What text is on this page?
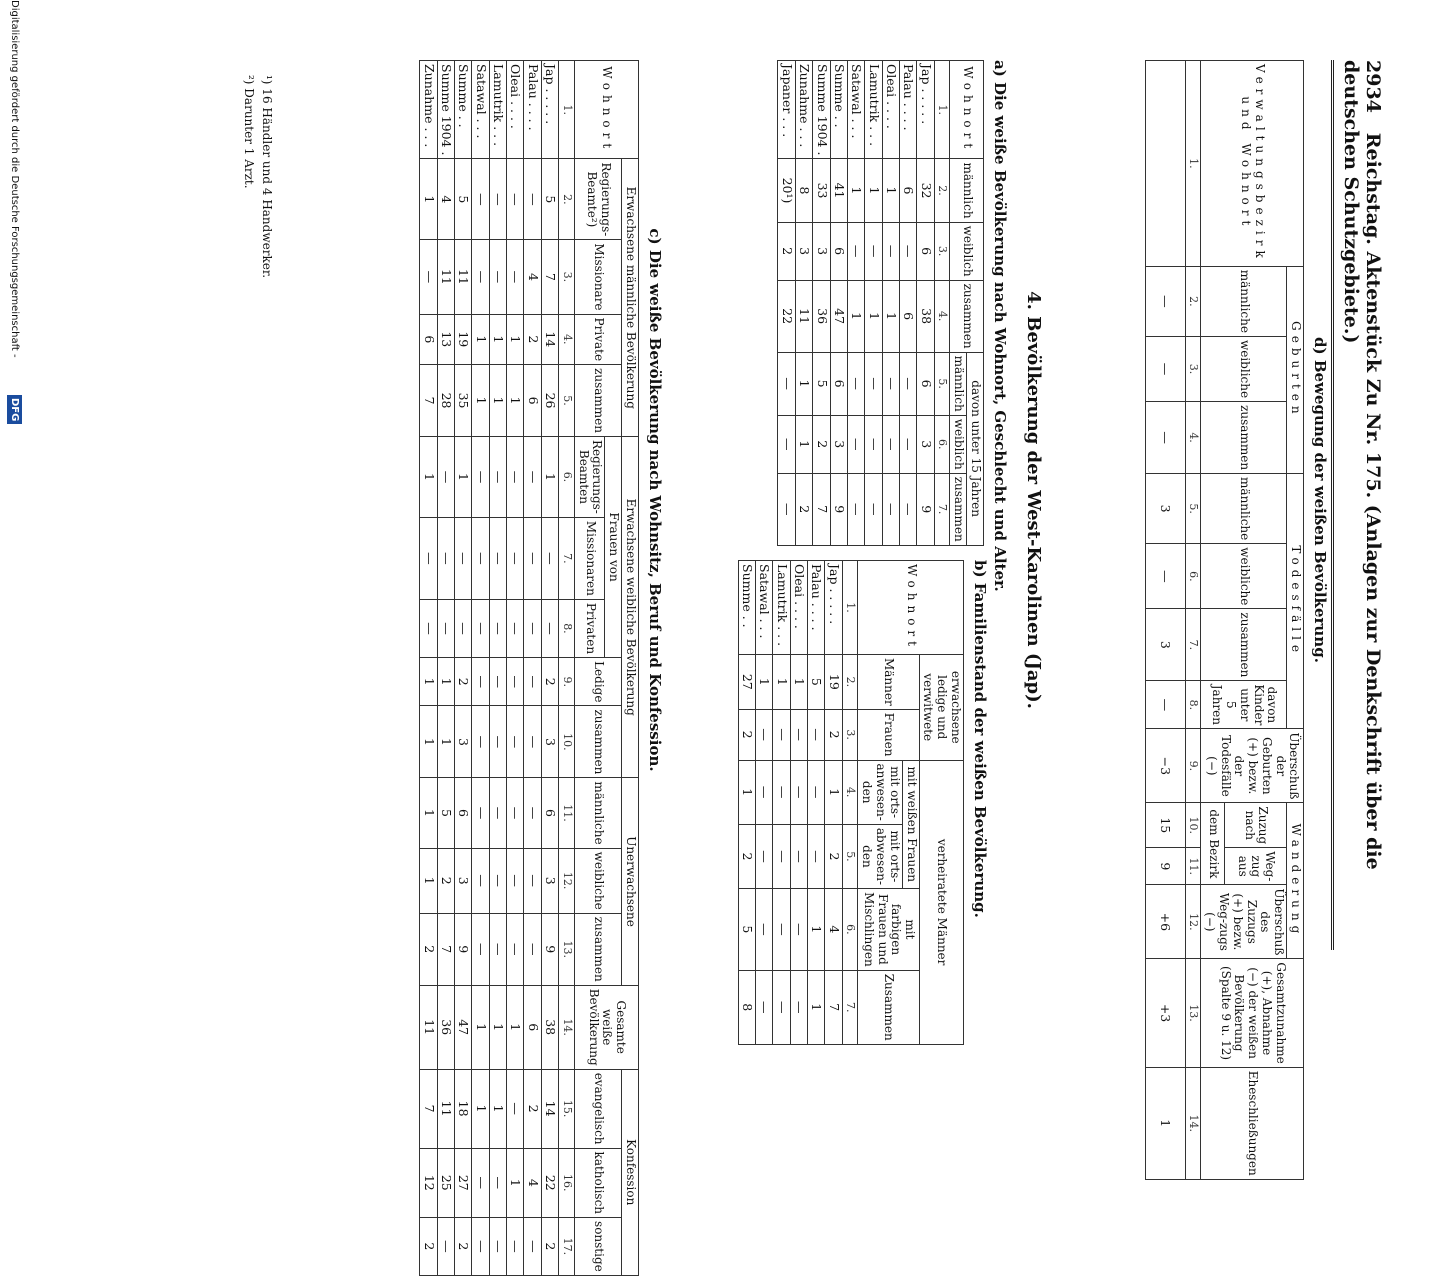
2934   Reichstag. Aktenstück Zu Nr. 175. (Anlagen zur Denkschrift über die deutschen Schutzgebiete.)
d) Bewegung der weißen Bevölkerung.
Verwaltungsbezirk und Wohnort	Geburten			Todesfälle				Überschuß der Geburten (+) bezw. der Todesfälle (−)	Wanderung			Gesamtzunahme (+), Abnahme (−) der weißen Bevölkerung (Spalte 9 u. 12)	Eheschließungen
	männliche	weibliche	zusammen	männliche	weibliche	zusammen	davon Kinder unter 5 Jahren		Zuzug nach	Weg-zug aus	Überschuß des Zuzugs (+) bezw. Weg-zugs (−)		
									dem Bezirk				
1.	2.	3.	4.	5.	6.	7.	8.	9.	10.	11.	12.	13.	14.
	—	—	—	3	—	3	—	−3	15	9	+6	+3	1
4. Bevölkerung der West-Karolinen (Jap).
a) Die weiße Bevölkerung nach Wohnort, Geschlecht und Alter.
b) Familienstand der weißen Bevölkerung.
Wohnort	männlich	weiblich	zusammen	davon unter 15 Jahren		
				männlich	weiblich	zusammen
1.	2.	3.	4.	5.	6.	7.
Jap . . . . .	32	6	38	6	3	9
Palau . . . .	6	—	6	—	—	—
Oleai . . . .	1	—	1	—	—	—
Lamutrik . . .	1	—	1	—	—	—
Satawal . . .	1	—	1	—	—	—
Summe . .	41	6	47	6	3	9
Summe 1904 .	33	3	36	5	2	7
Zunahme . . .	8	3	11	1	1	2
Japaner . . .	20¹)	2	22	—	—	—
Wohnort	erwachsene ledige und verwitwete		verheiratete Männer			
	Männer	Frauen	mit weißen Frauen		mit farbigen Frauen und Mischlingen	Zusammen
			mit orts-anwesen-den	mit orts-abwesen-den		
1.	2.	3.	4.	5.	6.	7.
Jap . . . . .	19	2	1	2	4	7
Palau . . . .	5	—	—	—	1	1
Oleai . . . .	1	—	—	—	—	—
Lamutrik . . .	1	—	—	—	—	—
Satawal . . .	1	—	—	—	—	—
Summe . .	27	2	1	2	5	8
c) Die weiße Bevölkerung nach Wohnsitz, Beruf und Konfession.
Wohnort	Erwachsene männliche Bevölkerung				Erwachsene weibliche Bevölkerung					Unerwachsene			Gesamte weiße Bevölkerung	Konfession		
	Regierungs-Beamte²)	Missionare	Private	zusammen	Frauen von			Ledige	zusammen	männliche	weibliche	zusammen		evangelisch	katholisch	sonstige
					Regierungs-Beamten	Missionaren	Privaten									
1.	2.	3.	4.	5.	6.	7.	8.	9.	10.	11.	12.	13.	14.	15.	16.	17.
Jap . . . . .	5	7	14	26	1	—	—	2	3	6	3	9	38	14	22	2
Palau . . . .	—	4	2	6	—	—	—	—	—	—	—	—	6	2	4	—
Oleai . . . .	—	—	1	1	—	—	—	—	—	—	—	—	1	—	1	—
Lamutrik . . .	—	—	1	1	—	—	—	—	—	—	—	—	1	1	—	—
Satawal . . .	—	—	1	1	—	—	—	—	—	—	—	—	1	1	—	—
Summe . .	5	11	19	35	1	—	—	2	3	6	3	9	47	18	27	2
Summe 1904 .	4	11	13	28	—	—	—	1	1	5	2	7	36	11	25	—
Zunahme . . .	1	—	6	7	1	—	—	1	1	1	1	2	11	7	12	2
¹) 16 Händler und 4 Handwerker.
²) Darunter 1 Arzt.
Digitalisierung gefördert durch die Deutsche Forschungsgemeinschaft -
DFG
